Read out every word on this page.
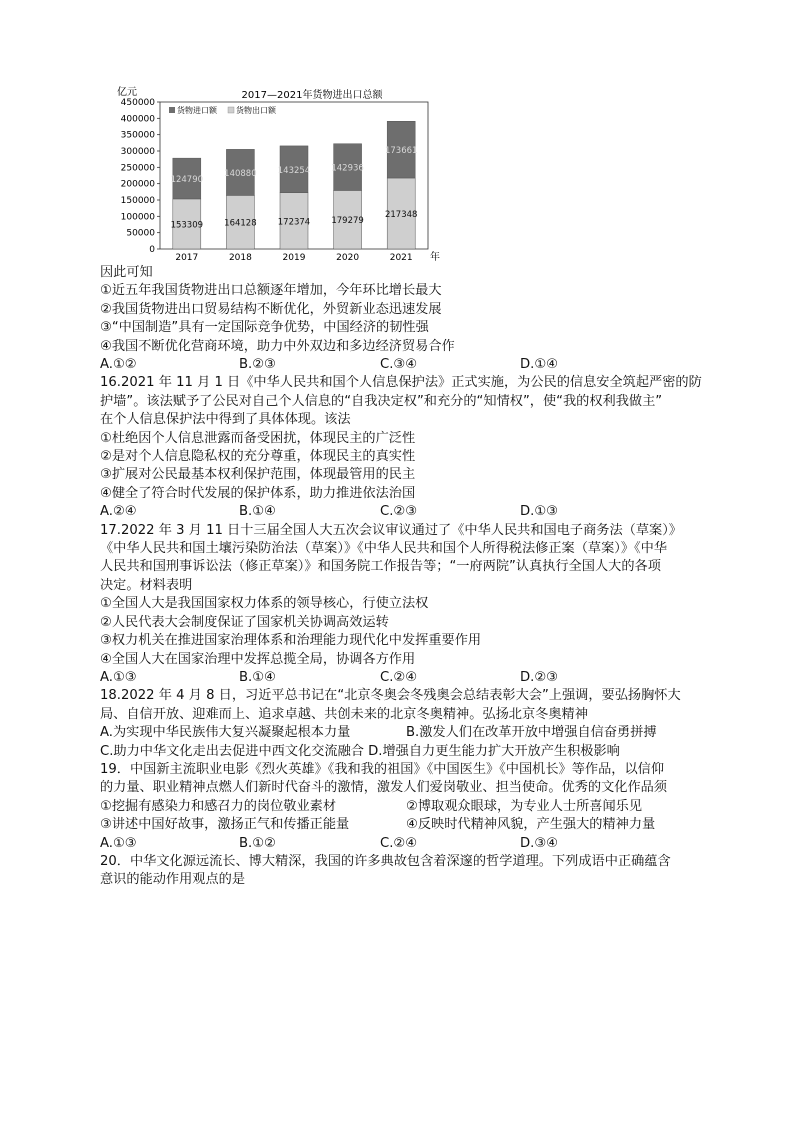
亿元	2017—2021年货物进出口总额
货物进口额 货物出口额
0
50000
100000
150000
200000
250000
300000
350000
400000
450000
153309
124790
164128
140880
172374
143254
179279
142936
217348
173661
2017	2018	2019	2020	2021 年
因此可知
①近五年我国货物进出口总额逐年增加，今年环比增长最大
②我国货物进出口贸易结构不断优化，外贸新业态迅速发展
③“中国制造”具有一定国际竞争优势，中国经济的韧性强
④我国不断优化营商环境，助力中外双边和多边经济贸易合作
A.①②	B.②③	C.③④	D.①④
16.2021 年 11 月 1 日《中华人民共和国个人信息保护法》正式实施，为公民的信息安全筑起严密的防
护墙”。该法赋予了公民对自己个人信息的“自我决定权”和充分的“知情权”，使“我的权利我做主”
在个人信息保护法中得到了具体体现。该法
①杜绝因个人信息泄露而备受困扰，体现民主的广泛性
②是对个人信息隐私权的充分尊重，体现民主的真实性
③扩展对公民最基本权利保护范围，体现最管用的民主
④健全了符合时代发展的保护体系，助力推进依法治国
A.②④	B.①④	C.②③	D.①③
17.2022 年 3 月 11 日十三届全国人大五次会议审议通过了《中华人民共和国电子商务法（草案）》
《中华人民共和国土壤污染防治法（草案）》《中华人民共和国个人所得税法修正案（草案）》《中华
人民共和国刑事诉讼法（修正草案）》和国务院工作报告等；“一府两院”认真执行全国人大的各项
决定。材料表明
①全国人大是我国国家权力体系的领导核心，行使立法权
②人民代表大会制度保证了国家机关协调高效运转
③权力机关在推进国家治理体系和治理能力现代化中发挥重要作用
④全国人大在国家治理中发挥总揽全局，协调各方作用
A.①③	B.①④	C.②④	D.②③
18.2022 年 4 月 8 日，习近平总书记在“北京冬奥会冬残奥会总结表彰大会”上强调，要弘扬胸怀大
局、自信开放、迎难而上、追求卓越、共创未来的北京冬奥精神。弘扬北京冬奥精神
A.为实现中华民族伟大复兴凝聚起根本力量	B.激发人们在改革开放中增强自信奋勇拼搏
C.助力中华文化走出去促进中西文化交流融合 D.增强自力更生能力扩大开放产生积极影响
19．中国新主流职业电影《烈火英雄》《我和我的祖国》《中国医生》《中国机长》等作品，以信仰
的力量、职业精神点燃人们新时代奋斗的激情，激发人们爱岗敬业、担当使命。优秀的文化作品须
①挖掘有感染力和感召力的岗位敬业素材	②博取观众眼球，为专业人士所喜闻乐见
③讲述中国好故事，激扬正气和传播正能量	④反映时代精神风貌，产生强大的精神力量
A.①③	B.①②	C.②④	D.③④
20．中华文化源远流长、博大精深，我国的许多典故包含着深邃的哲学道理。下列成语中正确蕴含
意识的能动作用观点的是
